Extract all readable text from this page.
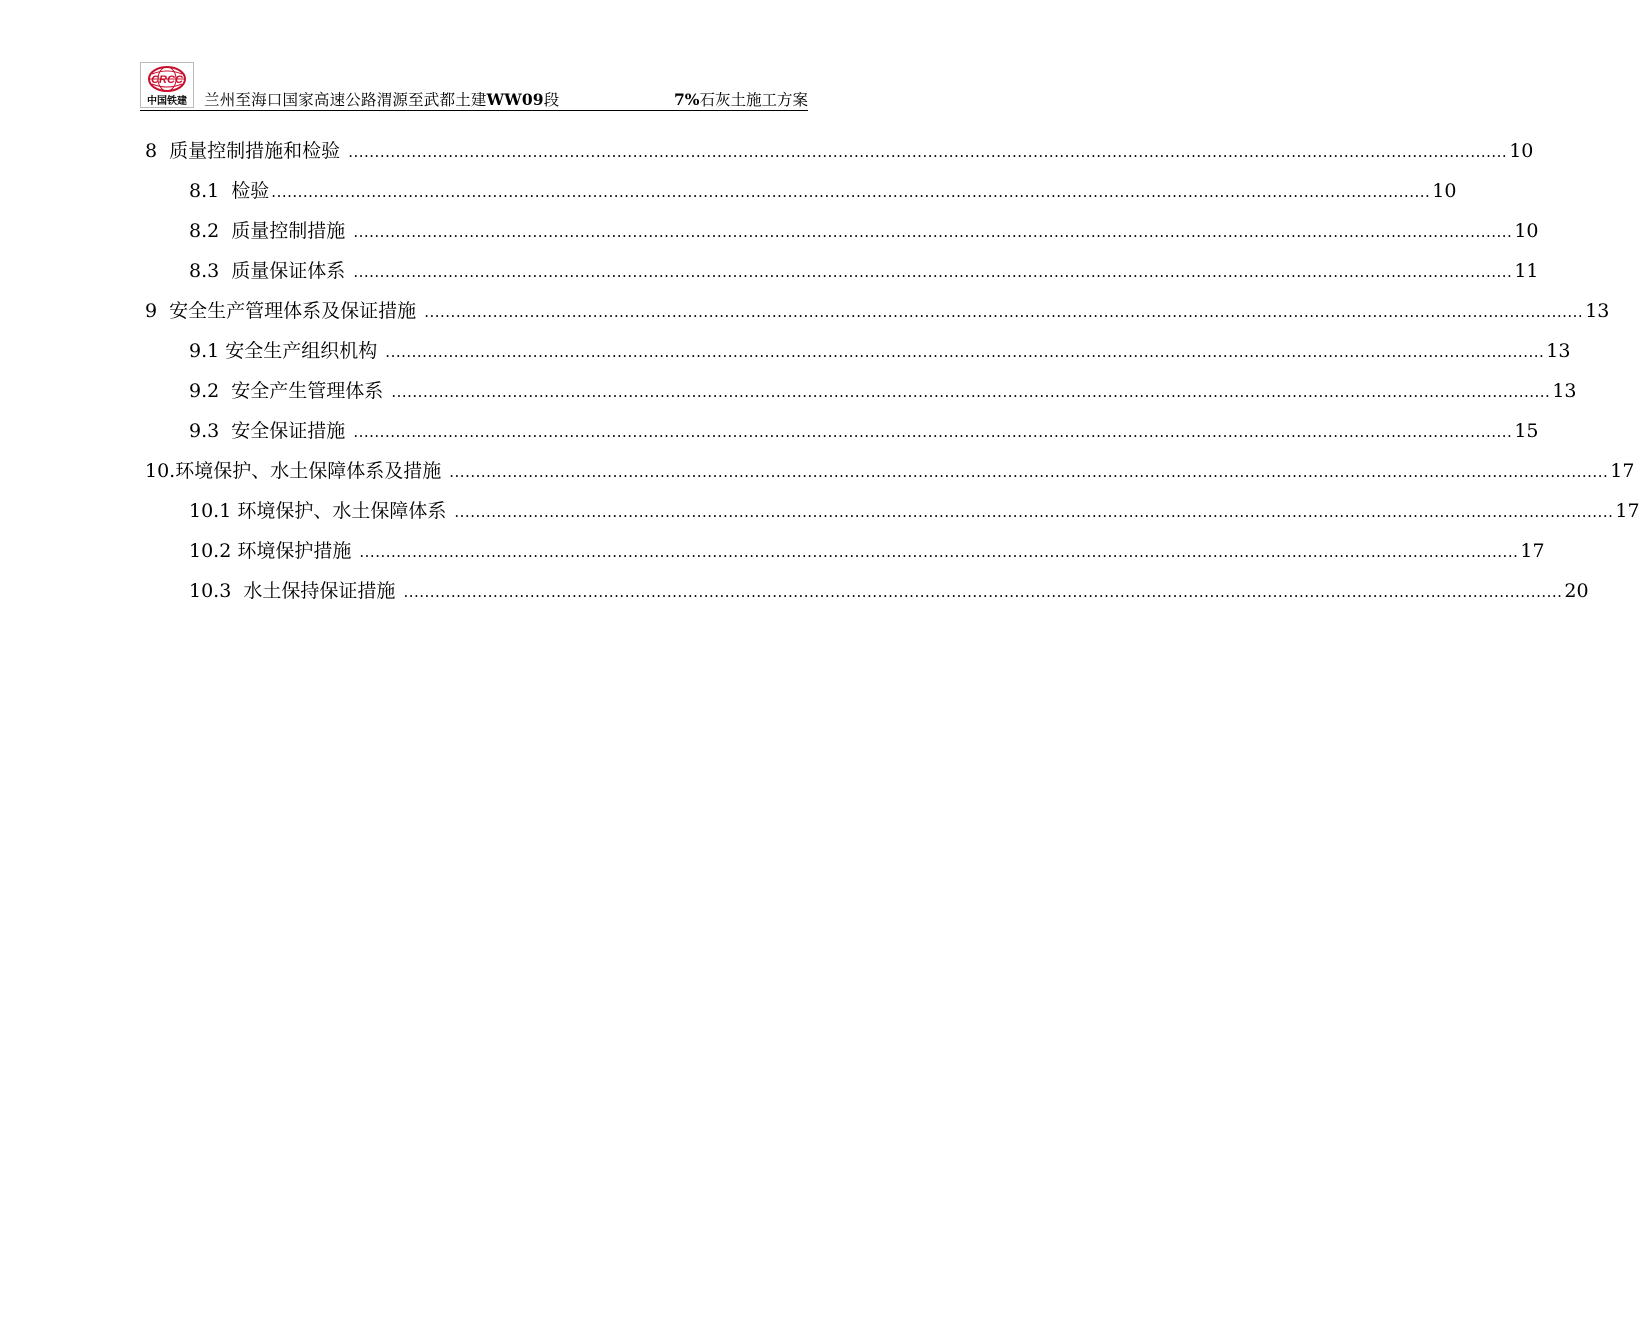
CRCC
中国铁建 兰州至海口国家高速公路渭源至武都土建WW09段	7%石灰土施工方案
8  质量控制措施和检验 ............................................................................................................................................................................................................................ 10
8.1  检验 ............................................................................................................................................................................................................................ 10
8.2  质量控制措施 ............................................................................................................................................................................................................................ 10
8.3  质量保证体系 ............................................................................................................................................................................................................................ 11
9  安全生产管理体系及保证措施 ............................................................................................................................................................................................................................ 13
9.1 安全生产组织机构 ............................................................................................................................................................................................................................ 13
9.2  安全产生管理体系 ............................................................................................................................................................................................................................ 13
9.3  安全保证措施 ............................................................................................................................................................................................................................ 15
10.环境保护、水土保障体系及措施 ............................................................................................................................................................................................................................ 17
10.1 环境保护、水土保障体系 ............................................................................................................................................................................................................................ 17
10.2 环境保护措施 ............................................................................................................................................................................................................................ 17
10.3  水土保持保证措施 ............................................................................................................................................................................................................................ 20
